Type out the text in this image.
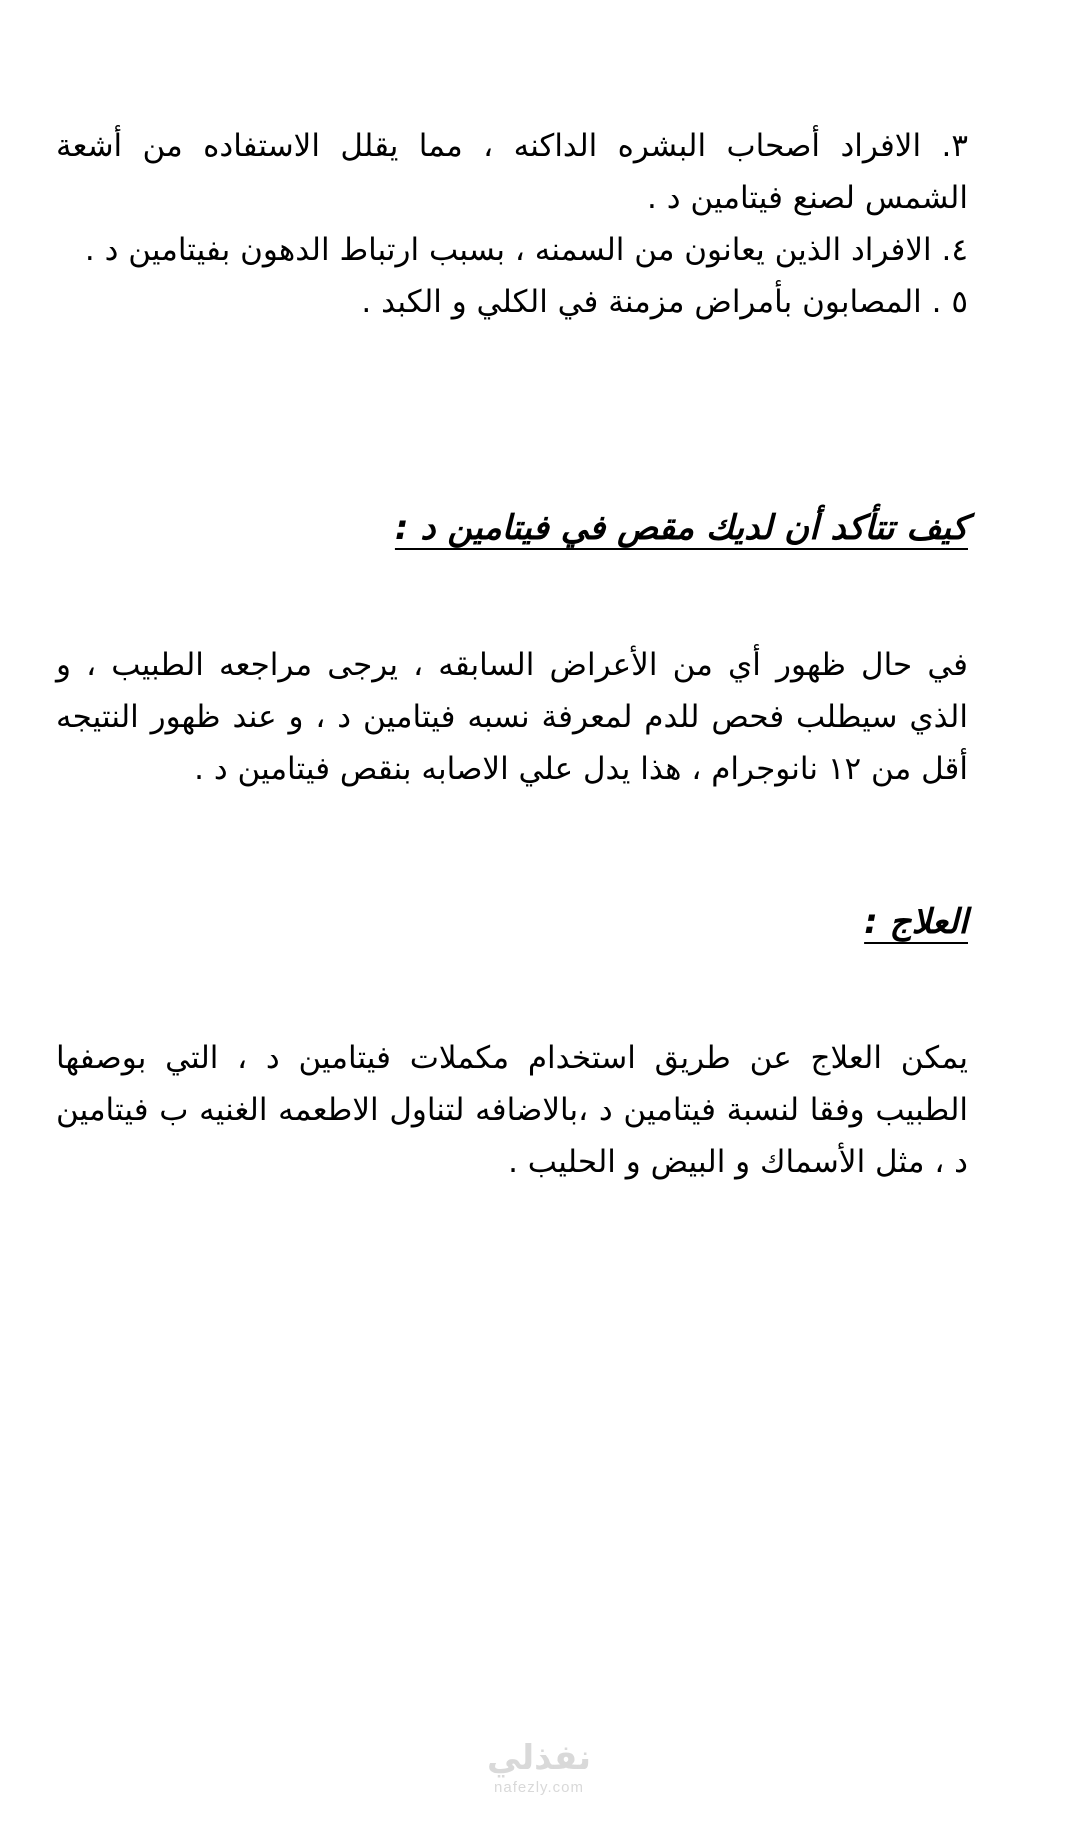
٣. الافراد أصحاب البشره الداكنه ، مما يقلل الاستفاده من أشعة الشمس لصنع فيتامين د .

٤. الافراد الذين يعانون من السمنه ، بسبب ارتباط الدهون بفيتامين د .

٥ . المصابون بأمراض مزمنة في الكلي و الكبد .

كيف تتأكد أن لديك مقص في فيتامين د :

في حال ظهور أي من الأعراض السابقه ، يرجى مراجعه الطبيب ، و الذي سيطلب فحص للدم لمعرفة نسبه فيتامين د ، و عند ظهور النتيجه أقل من ١٢ نانوجرام ، هذا يدل علي الاصابه بنقص فيتامين د .

العلاج :

يمكن العلاج عن طريق استخدام مكملات فيتامين د ، التي بوصفها الطبيب وفقا لنسبة فيتامين د ،بالاضافه لتناول الاطعمه الغنيه ب فيتامين د ، مثل الأسماك و البيض و الحليب .

نفذلي
nafezly.com
